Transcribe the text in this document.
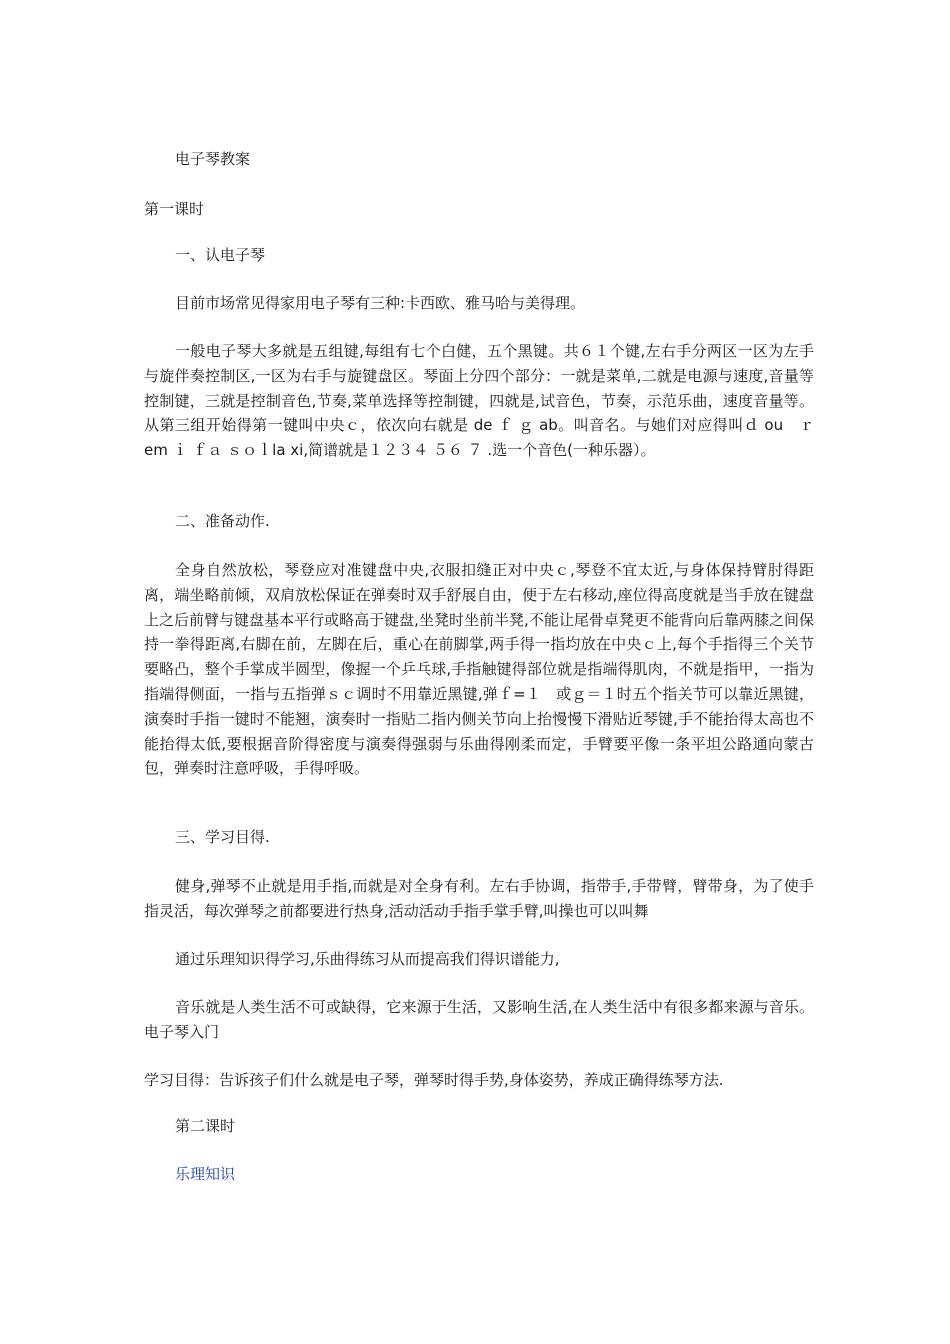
电子琴教案

第一课时

一、认电子琴

目前市场常见得家用电子琴有三种:卡西欧、雅马哈与美得理。

一般电子琴大多就是五组键,每组有七个白健，五个黑键。共６１个键,左右手分两区一区为左手与旋伴奏控制区,一区为右手与旋键盘区。琴面上分四个部分：一就是菜单,二就是电源与速度,音量等控制键，三就是控制音色,节奏,菜单选择等控制键，四就是,试音色，节奏，示范乐曲，速度音量等。从第三组开始得第一键叫中央ｃ，依次向右就是 de ｆ ｇ ab。叫音名。与她们对应得叫ｄ ou　ｒ em ｉ ｆａ ｓｏｌla xi,简谱就是１２３４ ５６ ７ .选一个音色(一种乐器）。

二、准备动作.

全身自然放松，琴登应对准键盘中央,衣服扣缝正对中央ｃ,琴登不宜太近,与身体保持臂肘得距离，端坐略前倾，双肩放松保证在弹奏时双手舒展自由，便于左右移动,座位得高度就是当手放在键盘上之后前臂与键盘基本平行或略高于键盘,坐凳时坐前半凳,不能让尾骨卓凳更不能背向后靠两膝之间保持一拳得距离,右脚在前，左脚在后，重心在前脚掌,两手得一指均放在中央ｃ上,每个手指得三个关节要略凸，整个手掌成半圆型，像握一个乒乓球,手指触键得部位就是指端得肌肉，不就是指甲，一指为指端得侧面，一指与五指弹ｓｃ调时不用靠近黑键,弹ｆ=１　或ｇ＝１时五个指关节可以靠近黑键，演奏时手指一键时不能翘，演奏时一指贴二指内侧关节向上抬慢慢下滑贴近琴键,手不能抬得太高也不能抬得太低,要根据音阶得密度与演奏得强弱与乐曲得刚柔而定，手臂要平像一条平坦公路通向蒙古包，弹奏时注意呼吸，手得呼吸。

三、学习目得.

健身,弹琴不止就是用手指,而就是对全身有利。左右手协调，指带手,手带臂，臂带身，为了使手指灵活，每次弹琴之前都要进行热身,活动活动手指手掌手臂,叫操也可以叫舞

通过乐理知识得学习,乐曲得练习从而提高我们得识谱能力,

音乐就是人类生活不可或缺得，它来源于生活，又影响生活,在人类生活中有很多都来源与音乐。 电子琴入门

学习目得：告诉孩子们什么就是电子琴，弹琴时得手势,身体姿势，养成正确得练琴方法.

第二课时

乐理知识
